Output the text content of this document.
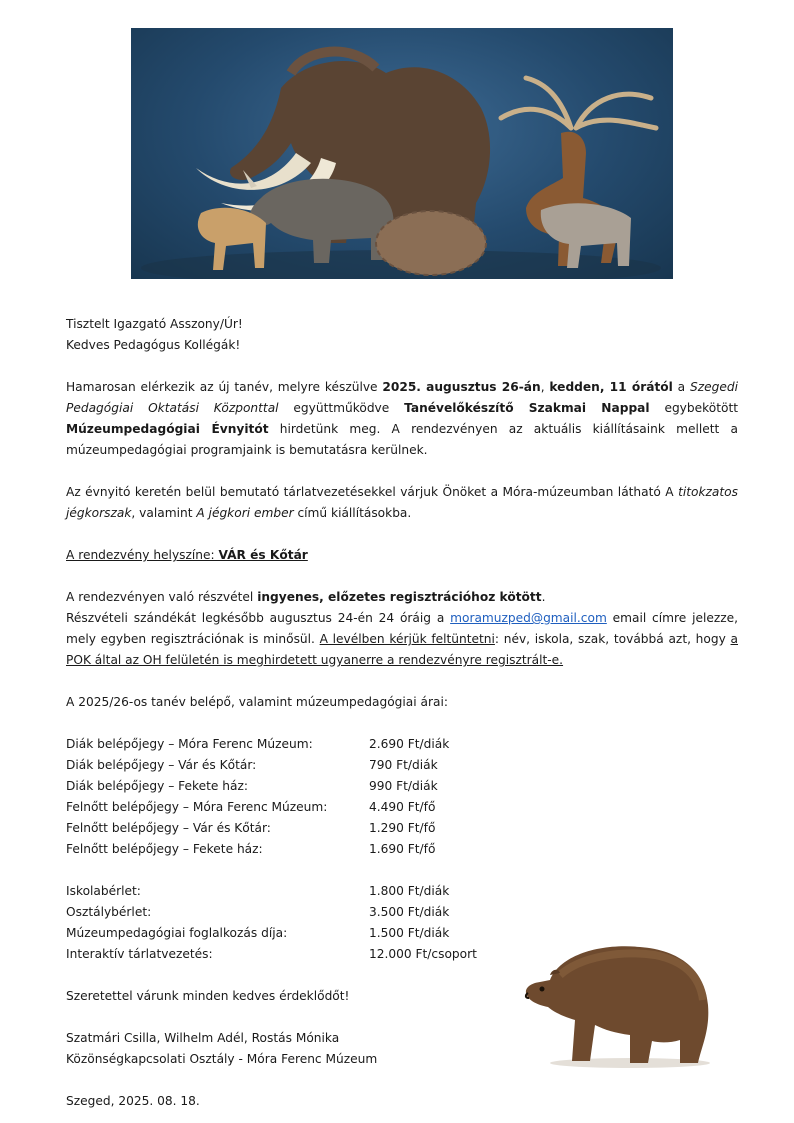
Tisztelt Igazgató Asszony/Úr!

Kedves Pedagógus Kollégák!

Hamarosan elérkezik az új tanév, melyre készülve 2025. augusztus 26-án, kedden, 11 órától a Szegedi Pedagógiai Oktatási Központtal együttműködve Tanévelőkészítő Szakmai Nappal egybekötött Múzeumpedagógiai Évnyitót hirdetünk meg. A rendezvényen az aktuális kiállításaink mellett a múzeumpedagógiai programjaink is bemutatásra kerülnek.

Az évnyitó keretén belül bemutató tárlatvezetésekkel várjuk Önöket a Móra-múzeumban látható A titokzatos jégkorszak, valamint A jégkori ember című kiállításokba.

A rendezvény helyszíne: VÁR és Kőtár

A rendezvényen való részvétel ingyenes, előzetes regisztrációhoz kötött.

Részvételi szándékát legkésőbb augusztus 24-én 24 óráig a moramuzped@gmail.com email címre jelezze, mely egyben regisztrációnak is minősül. A levélben kérjük feltüntetni: név, iskola, szak, továbbá azt, hogy a POK által az OH felületén is meghirdetett ugyanerre a rendezvényre regisztrált-e.

A 2025/26-os tanév belépő, valamint múzeumpedagógiai árai:

Diák belépőjegy – Móra Ferenc Múzeum:	2.690 Ft/diák
Diák belépőjegy – Vár és Kőtár:	790 Ft/diák
Diák belépőjegy – Fekete ház:	990 Ft/diák
Felnőtt belépőjegy – Móra Ferenc Múzeum:	4.490 Ft/fő
Felnőtt belépőjegy – Vár és Kőtár:	1.290 Ft/fő
Felnőtt belépőjegy – Fekete ház:	1.690 Ft/fő
Iskolabérlet:	1.800 Ft/diák
Osztálybérlet:	3.500 Ft/diák
Múzeumpedagógiai foglalkozás díja:	1.500 Ft/diák
Interaktív tárlatvezetés:	12.000 Ft/csoport

Szeretettel várunk minden kedves érdeklődőt!

Szatmári Csilla, Wilhelm Adél, Rostás Mónika

Közönségkapcsolati Osztály - Móra Ferenc Múzeum

Szeged, 2025. 08. 18.
